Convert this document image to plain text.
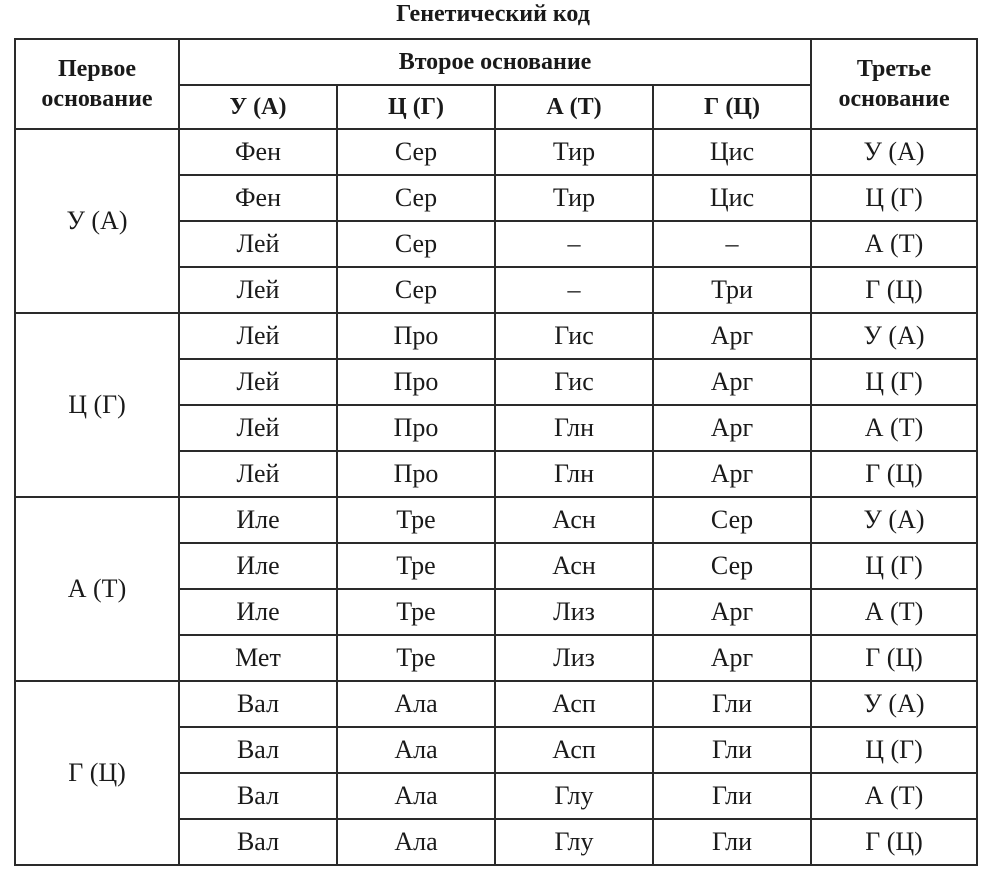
Генетический код
Первое основание	Второе основание				Третье основание
	У (А)	Ц (Г)	А (Т)	Г (Ц)	
У (А)	Фен	Сер	Тир	Цис	У (А)
	Фен	Сер	Тир	Цис	Ц (Г)
	Лей	Сер	–	–	А (Т)
	Лей	Сер	–	Три	Г (Ц)
Ц (Г)	Лей	Про	Гис	Арг	У (А)
	Лей	Про	Гис	Арг	Ц (Г)
	Лей	Про	Глн	Арг	А (Т)
	Лей	Про	Глн	Арг	Г (Ц)
А (Т)	Иле	Тре	Асн	Сер	У (А)
	Иле	Тре	Асн	Сер	Ц (Г)
	Иле	Тре	Лиз	Арг	А (Т)
	Мет	Тре	Лиз	Арг	Г (Ц)
Г (Ц)	Вал	Ала	Асп	Гли	У (А)
	Вал	Ала	Асп	Гли	Ц (Г)
	Вал	Ала	Глу	Гли	А (Т)
	Вал	Ала	Глу	Гли	Г (Ц)
